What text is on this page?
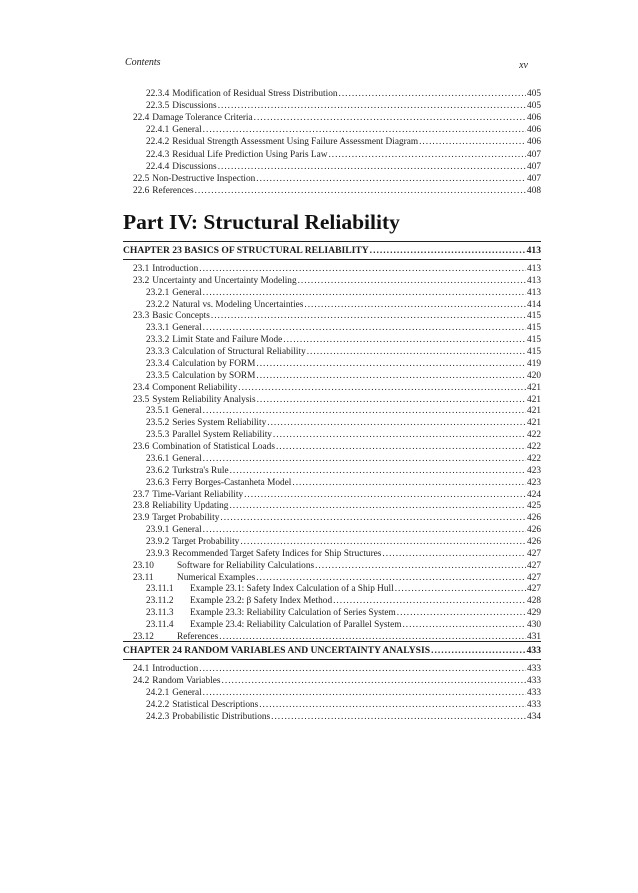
Contents	xv
22.3.4 Modification of Residual Stress Distribution .....	405
22.3.5 Discussions .....	405
22.4 Damage Tolerance Criteria .....	406
22.4.1 General .....	406
22.4.2 Residual Strength Assessment Using Failure Assessment Diagram .....	406
22.4.3 Residual Life Prediction Using Paris Law .....	407
22.4.4 Discussions .....	407
22.5 Non-Destructive Inspection .....	407
22.6 References .....	408
Part IV: Structural Reliability
CHAPTER 23 BASICS OF STRUCTURAL RELIABILITY .....	413
23.1 Introduction .....	413
23.2 Uncertainty and Uncertainty Modeling .....	413
23.2.1 General .....	413
23.2.2 Natural vs. Modeling Uncertainties .....	414
23.3 Basic Concepts .....	415
23.3.1 General .....	415
23.3.2 Limit State and Failure Mode .....	415
23.3.3 Calculation of Structural Reliability .....	415
23.3.4 Calculation by FORM .....	419
23.3.5 Calculation by SORM .....	420
23.4 Component Reliability .....	421
23.5 System Reliability Analysis .....	421
23.5.1 General .....	421
23.5.2 Series System Reliability .....	421
23.5.3 Parallel System Reliability .....	422
23.6 Combination of Statistical Loads .....	422
23.6.1 General .....	422
23.6.2 Turkstra's Rule .....	423
23.6.3 Ferry Borges-Castanheta Model .....	423
23.7 Time-Variant Reliability .....	424
23.8 Reliability Updating .....	425
23.9 Target Probability .....	426
23.9.1 General .....	426
23.9.2 Target Probability .....	426
23.9.3 Recommended Target Safety Indices for Ship Structures .....	427
23.10	Software for Reliability Calculations .....	427
23.11	Numerical Examples .....	427
23.11.1	Example 23.1: Safety Index Calculation of a Ship Hull .....	427
23.11.2	Example 23.2: β Safety Index Method .....	428
23.11.3	Example 23.3: Reliability Calculation of Series System .....	429
23.11.4	Example 23.4: Reliability Calculation of Parallel System .....	430
23.12	References .....	431
CHAPTER 24 RANDOM VARIABLES AND UNCERTAINTY ANALYSIS .....	433
24.1 Introduction .....	433
24.2 Random Variables .....	433
24.2.1 General .....	433
24.2.2 Statistical Descriptions .....	433
24.2.3 Probabilistic Distributions .....	434
